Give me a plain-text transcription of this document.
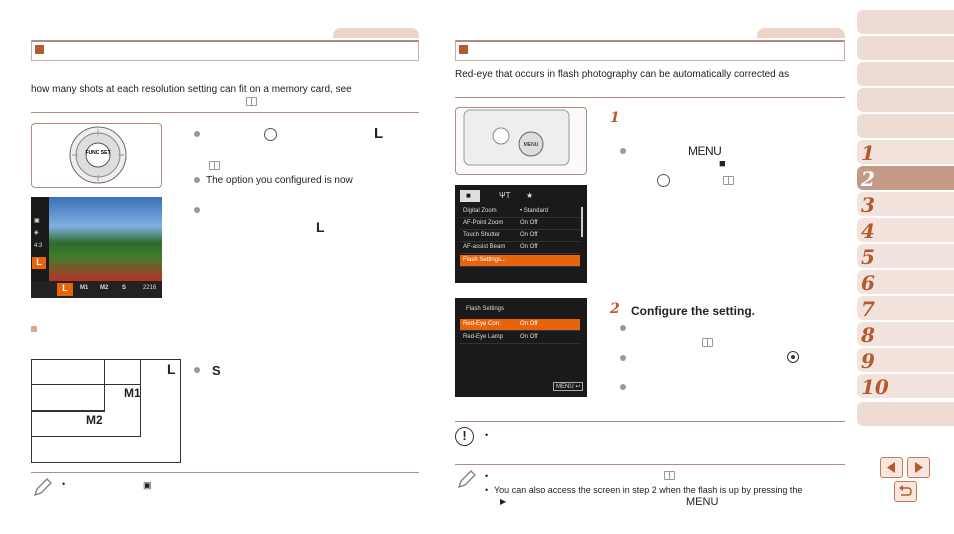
how many shots at each resolution setting can fit on a memory card, see
FUNC SET
L
The option you configured is now
▣
◈
4:3
L
L	M1 M2 S	2216
L
L
M1
M2
S
•	▣
Red-eye that occurs in flash photography can be automatically corrected as
MENU
1
MENU
■
■	ΨT ★
Digital Zoom	• Standard
AF-Point Zoom	On Off
Touch Shutter	On Off
AF-assist Beam On Off
Flash Settings...
Flash Settings
Red-Eye Corr.	On Off
Red-Eye Lamp	On Off
MENU ↩
2 Configure the setting.
!	•
•
• You can also access the screen in step 2 when the flash is up by pressing the
▶	MENU
1
2
3
4
5
6
7
8
9
10
